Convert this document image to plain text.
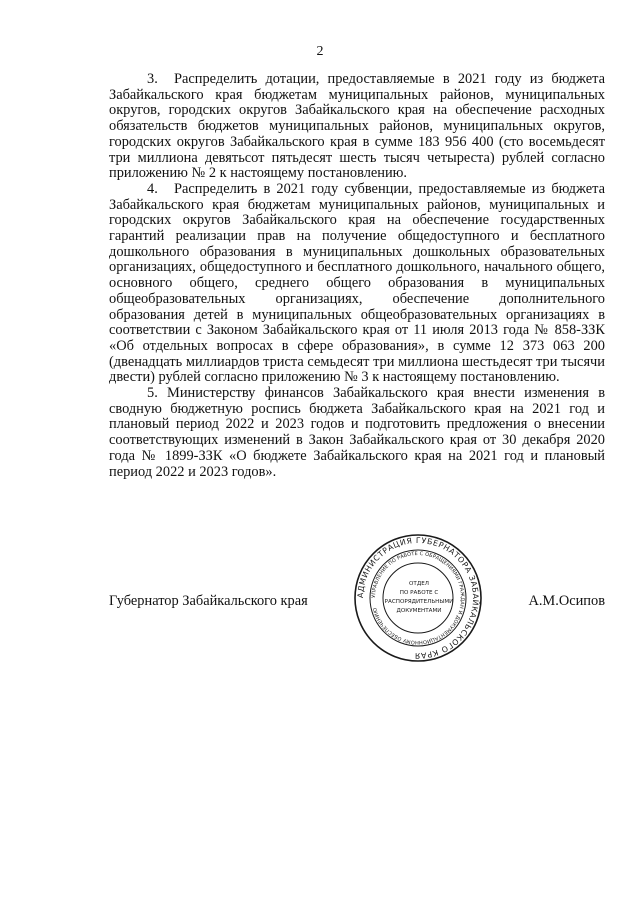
2

3. Распределить дотации, предоставляемые в 2021 году из бюджета Забайкальского края бюджетам муниципальных районов, муниципальных округов, городских округов Забайкальского края на обеспечение расходных обязательств бюджетов муниципальных районов, муниципальных округов, городских округов Забайкальского края в сумме 183 956 400 (сто восемьдесят три миллиона девятьсот пятьдесят шесть тысяч четыреста) рублей согласно приложению № 2 к настоящему постановлению.

4. Распределить в 2021 году субвенции, предоставляемые из бюджета Забайкальского края бюджетам муниципальных районов, муниципальных и городских округов Забайкальского края на обеспечение государственных гарантий реализации прав на получение общедоступного и бесплатного дошкольного образования в муниципальных дошкольных образовательных организациях, общедоступного и бесплатного дошкольного, начального общего, основного общего, среднего общего образования в муниципальных общеобразовательных организациях, обеспечение дополнительного образования детей в муниципальных общеобразовательных организациях в соответствии с Законом Забайкальского края от 11 июля 2013 года № 858-ЗЗК «Об отдельных вопросах в сфере образования», в сумме 12 373 063 200 (двенадцать миллиардов триста семьдесят три миллиона шестьдесят три тысячи двести) рублей согласно приложению № 3 к настоящему постановлению.

5. Министерству финансов Забайкальского края внести изменения в сводную бюджетную роспись бюджета Забайкальского края на 2021 год и плановый период 2022 и 2023 годов и подготовить предложения о внесении соответствующих изменений в Закон Забайкальского края от 30 декабря 2020 года № 1899-ЗЗК «О бюджете Забайкальского края на 2021 год и плановый период 2022 и 2023 годов».

Губернатор Забайкальского края	А.М.Осипов
АДМИНИСТРАЦИЯ ГУБЕРНАТОРА ЗАБАЙКАЛЬСКОГО КРАЯ
УПРАВЛЕНИЕ ПО РАБОТЕ С ОБРАЩЕНИЯМИ ГРАЖДАН И ДОКУМЕНТАЦИОННОМУ ОБЕСПЕЧЕНИЮ
ОТДЕЛ
ПО РАБОТЕ С
РАСПОРЯДИТЕЛЬНЫМИ
ДОКУМЕНТАМИ
